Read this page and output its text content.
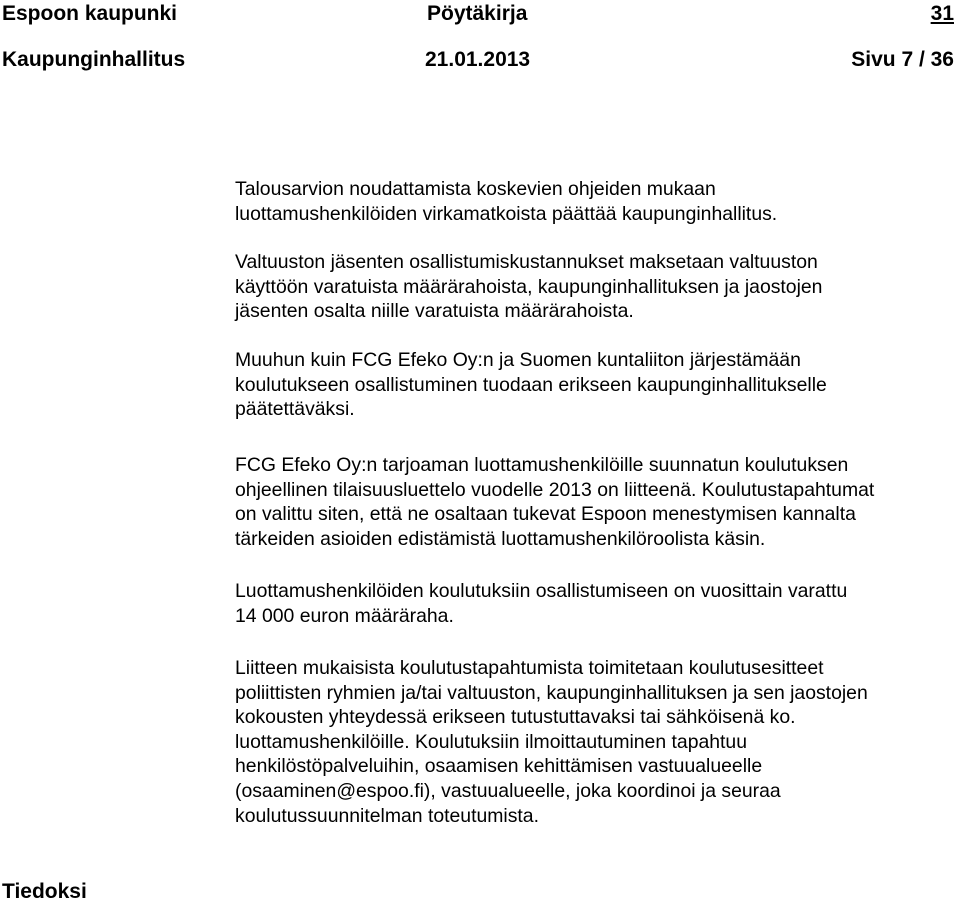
Espoon kaupunki	Pöytäkirja	31
Kaupunginhallitus	21.01.2013	Sivu 7 / 36
Talousarvion noudattamista koskevien ohjeiden mukaan
luottamushenkilöiden virkamatkoista päättää kaupunginhallitus.
Valtuuston jäsenten osallistumiskustannukset maksetaan valtuuston
käyttöön varatuista määrärahoista, kaupunginhallituksen ja jaostojen
jäsenten osalta niille varatuista määrärahoista.
Muuhun kuin FCG Efeko Oy:n ja Suomen kuntaliiton järjestämään
koulutukseen osallistuminen tuodaan erikseen kaupunginhallitukselle
päätettäväksi.
FCG Efeko Oy:n tarjoaman luottamushenkilöille suunnatun koulutuksen
ohjeellinen tilaisuusluettelo vuodelle 2013 on liitteenä. Koulutustapahtumat
on valittu siten, että ne osaltaan tukevat Espoon menestymisen kannalta
tärkeiden asioiden edistämistä luottamushenkilöroolista käsin.
Luottamushenkilöiden koulutuksiin osallistumiseen on vuosittain varattu
14 000 euron määräraha.
Liitteen mukaisista koulutustapahtumista toimitetaan koulutusesitteet
poliittisten ryhmien ja/tai valtuuston, kaupunginhallituksen ja sen jaostojen
kokousten yhteydessä erikseen tutustuttavaksi tai sähköisenä ko.
luottamushenkilöille. Koulutuksiin ilmoittautuminen tapahtuu
henkilöstöpalveluihin, osaamisen kehittämisen vastuualueelle
(osaaminen@espoo.fi), vastuualueelle, joka koordinoi ja seuraa
koulutussuunnitelman toteutumista.
Tiedoksi
